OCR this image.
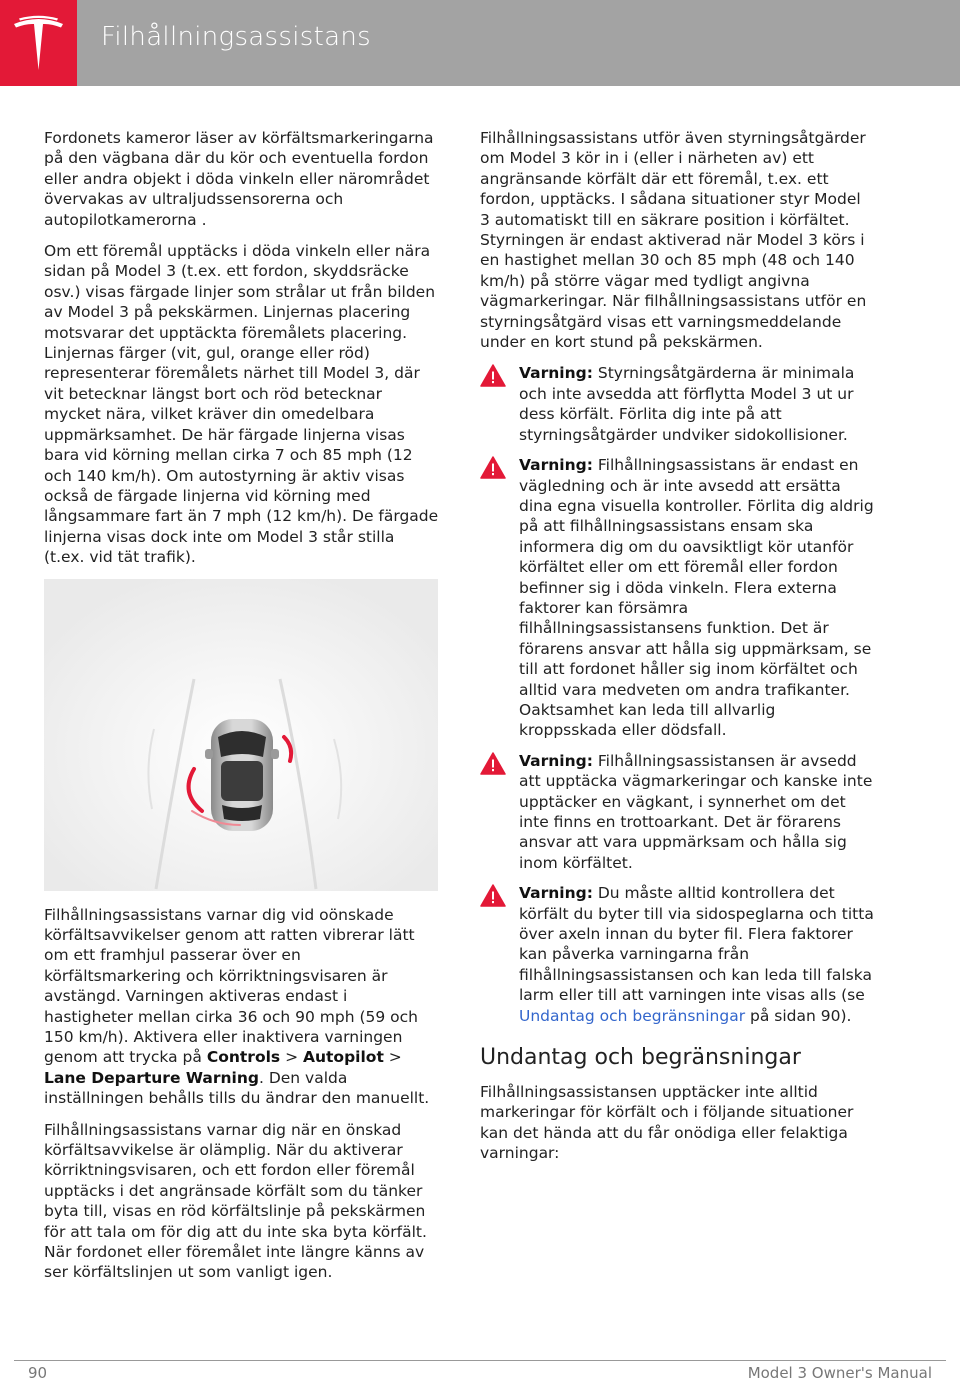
Filhållningsassistans

Fordonets kameror läser av körfältsmarkeringarna på den vägbana där du kör och eventuella fordon eller andra objekt i döda vinkeln eller närområdet övervakas av ultraljudssensorerna och autopilotkamerorna .

Om ett föremål upptäcks i döda vinkeln eller nära sidan på Model 3 (t.ex. ett fordon, skyddsräcke osv.) visas färgade linjer som strålar ut från bilden av Model 3 på pekskärmen. Linjernas placering motsvarar det upptäckta föremålets placering. Linjernas färger (vit, gul, orange eller röd) representerar föremålets närhet till Model 3, där vit betecknar längst bort och röd betecknar mycket nära, vilket kräver din omedelbara uppmärksamhet. De här färgade linjerna visas bara vid körning mellan cirka 7 och 85 mph (12 och 140 km/h). Om autostyrning är aktiv visas också de färgade linjerna vid körning med långsammare fart än 7 mph (12 km/h). De färgade linjerna visas dock inte om Model 3 står stilla (t.ex. vid tät trafik).

Filhållningsassistans varnar dig vid oönskade körfältsavvikelser genom att ratten vibrerar lätt om ett framhjul passerar över en körfältsmarkering och körriktningsvisaren är avstängd. Varningen aktiveras endast i hastigheter mellan cirka 36 och 90 mph (59 och 150 km/h). Aktivera eller inaktivera varningen genom att trycka på Controls > Autopilot > Lane Departure Warning. Den valda inställningen behålls tills du ändrar den manuellt.

Filhållningsassistans varnar dig när en önskad körfältsavvikelse är olämplig. När du aktiverar körriktningsvisaren, och ett fordon eller föremål upptäcks i det angränsade körfält som du tänker byta till, visas en röd körfältslinje på pekskärmen för att tala om för dig att du inte ska byta körfält. När fordonet eller föremålet inte längre känns av ser körfältslinjen ut som vanligt igen.

Filhållningsassistans utför även styrningsåtgärder om Model 3 kör in i (eller i närheten av) ett angränsande körfält där ett föremål, t.ex. ett fordon, upptäcks. I sådana situationer styr Model 3 automatiskt till en säkrare position i körfältet. Styrningen är endast aktiverad när Model 3 körs i en hastighet mellan 30 och 85 mph (48 och 140 km/h) på större vägar med tydligt angivna vägmarkeringar. När filhållningsassistans utför en styrningsåtgärd visas ett varningsmeddelande under en kort stund på pekskärmen.

Varning: Styrningsåtgärderna är minimala och inte avsedda att förflytta Model 3 ut ur dess körfält. Förlita dig inte på att styrningsåtgärder undviker sidokollisioner.
Varning: Filhållningsassistans är endast en vägledning och är inte avsedd att ersätta dina egna visuella kontroller. Förlita dig aldrig på att filhållningsassistans ensam ska informera dig om du oavsiktligt kör utanför körfältet eller om ett föremål eller fordon befinner sig i döda vinkeln. Flera externa faktorer kan försämra filhållningsassistansens funktion. Det är förarens ansvar att hålla sig uppmärksam, se till att fordonet håller sig inom körfältet och alltid vara medveten om andra trafikanter. Oaktsamhet kan leda till allvarlig kroppsskada eller dödsfall.
Varning: Filhållningsassistansen är avsedd att upptäcka vägmarkeringar och kanske inte upptäcker en vägkant, i synnerhet om det inte finns en trottoarkant. Det är förarens ansvar att vara uppmärksam och hålla sig inom körfältet.
Varning: Du måste alltid kontrollera det körfält du byter till via sidospeglarna och titta över axeln innan du byter fil. Flera faktorer kan påverka varningarna från filhållningsassistansen och kan leda till falska larm eller till att varningen inte visas alls (se Undantag och begränsningar på sidan 90).
Undantag och begränsningar

Filhållningsassistansen upptäcker inte alltid markeringar för körfält och i följande situationer kan det hända att du får onödiga eller felaktiga varningar:

90	Model 3 Owner's Manual
